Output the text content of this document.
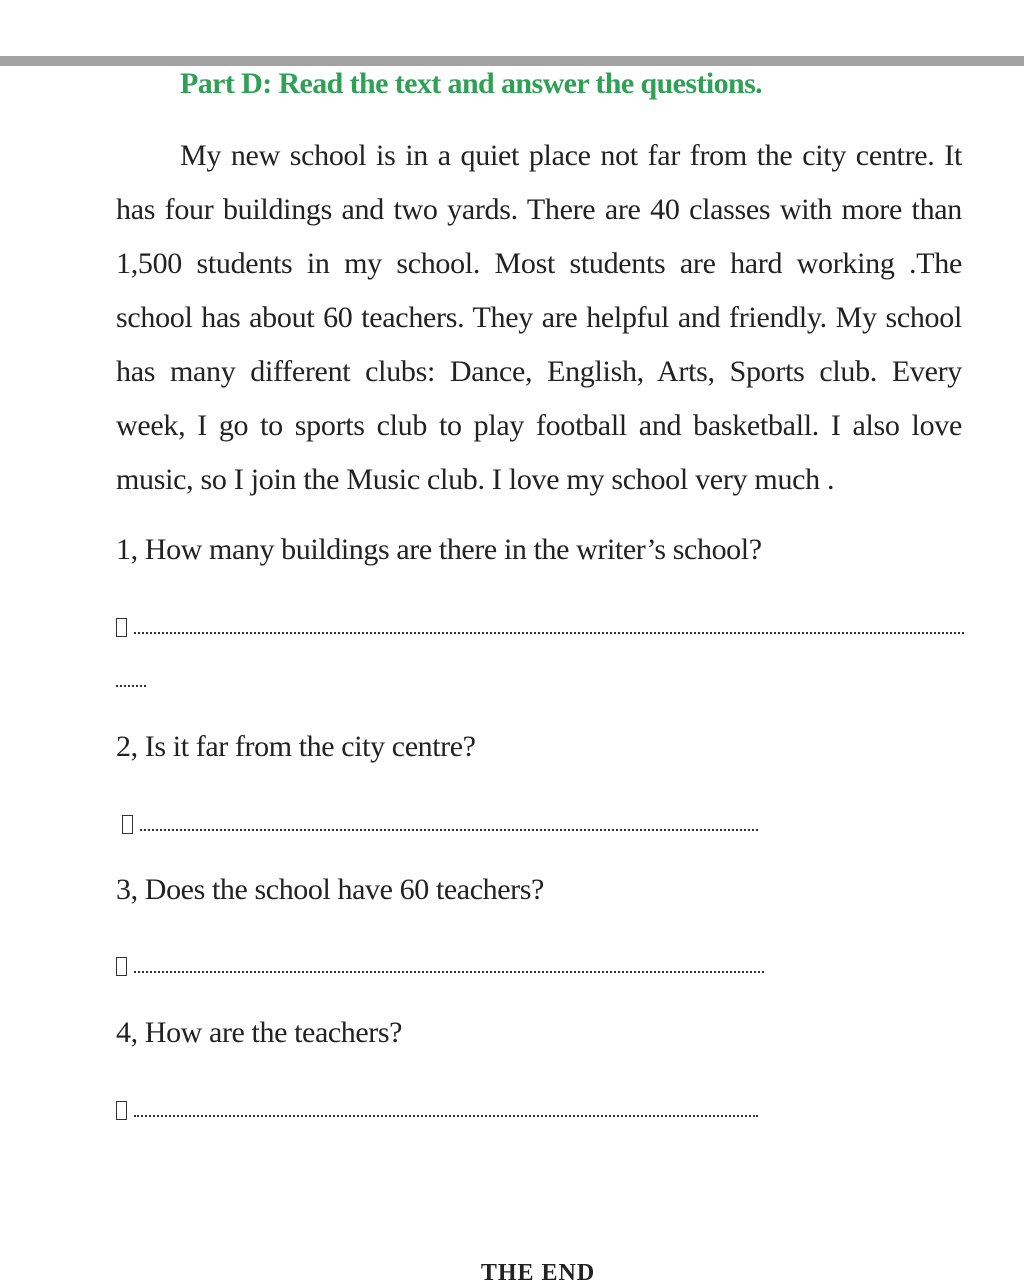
Part D: Read the text and answer the questions.

My new school is in a quiet place not far from the city centre. It has four buildings and two yards. There are 40 classes with more than 1,500 students in my school. Most students are hard working .The school has about 60 teachers. They are helpful and friendly. My school has many different clubs: Dance, English, Arts, Sports club. Every week, I go to sports club to play football and basketball. I also love music, so I join the Music club. I love my school very much .

1, How many buildings are there in the writer’s school?
2, Is it far from the city centre?
3, Does the school have 60 teachers?
4, How are the teachers?
THE END
